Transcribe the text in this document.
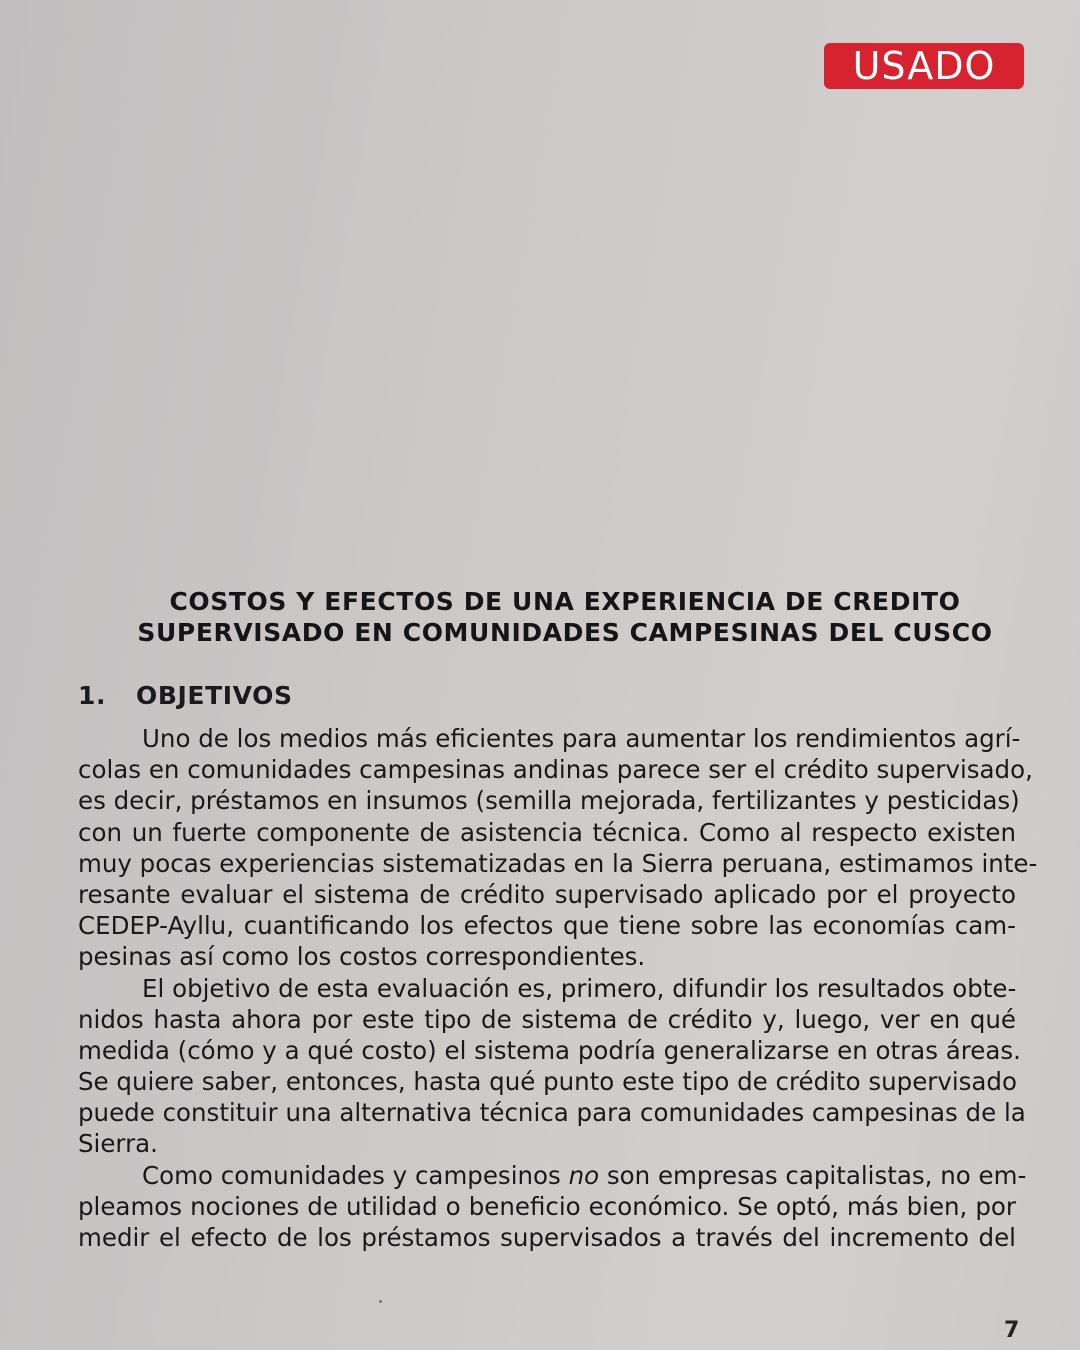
USADO
COSTOS Y EFECTOS DE UNA EXPERIENCIA DE CREDITO
SUPERVISADO EN COMUNIDADES CAMPESINAS DEL CUSCO
1. OBJETIVOS
Uno de los medios más eficientes para aumentar los rendimientos agrí-
colas en comunidades campesinas andinas parece ser el crédito supervisado,
es decir, préstamos en insumos (semilla mejorada, fertilizantes y pesticidas)
con un fuerte componente de asistencia técnica. Como al respecto existen
muy pocas experiencias sistematizadas en la Sierra peruana, estimamos inte-
resante evaluar el sistema de crédito supervisado aplicado por el proyecto
CEDEP-Ayllu, cuantificando los efectos que tiene sobre las economías cam-
pesinas así como los costos correspondientes.
El objetivo de esta evaluación es, primero, difundir los resultados obte-
nidos hasta ahora por este tipo de sistema de crédito y, luego, ver en qué
medida (cómo y a qué costo) el sistema podría generalizarse en otras áreas.
Se quiere saber, entonces, hasta qué punto este tipo de crédito supervisado
puede constituir una alternativa técnica para comunidades campesinas de la
Sierra.
Como comunidades y campesinos no son empresas capitalistas, no em-
pleamos nociones de utilidad o beneficio económico. Se optó, más bien, por
medir el efecto de los préstamos supervisados a través del incremento del
7
